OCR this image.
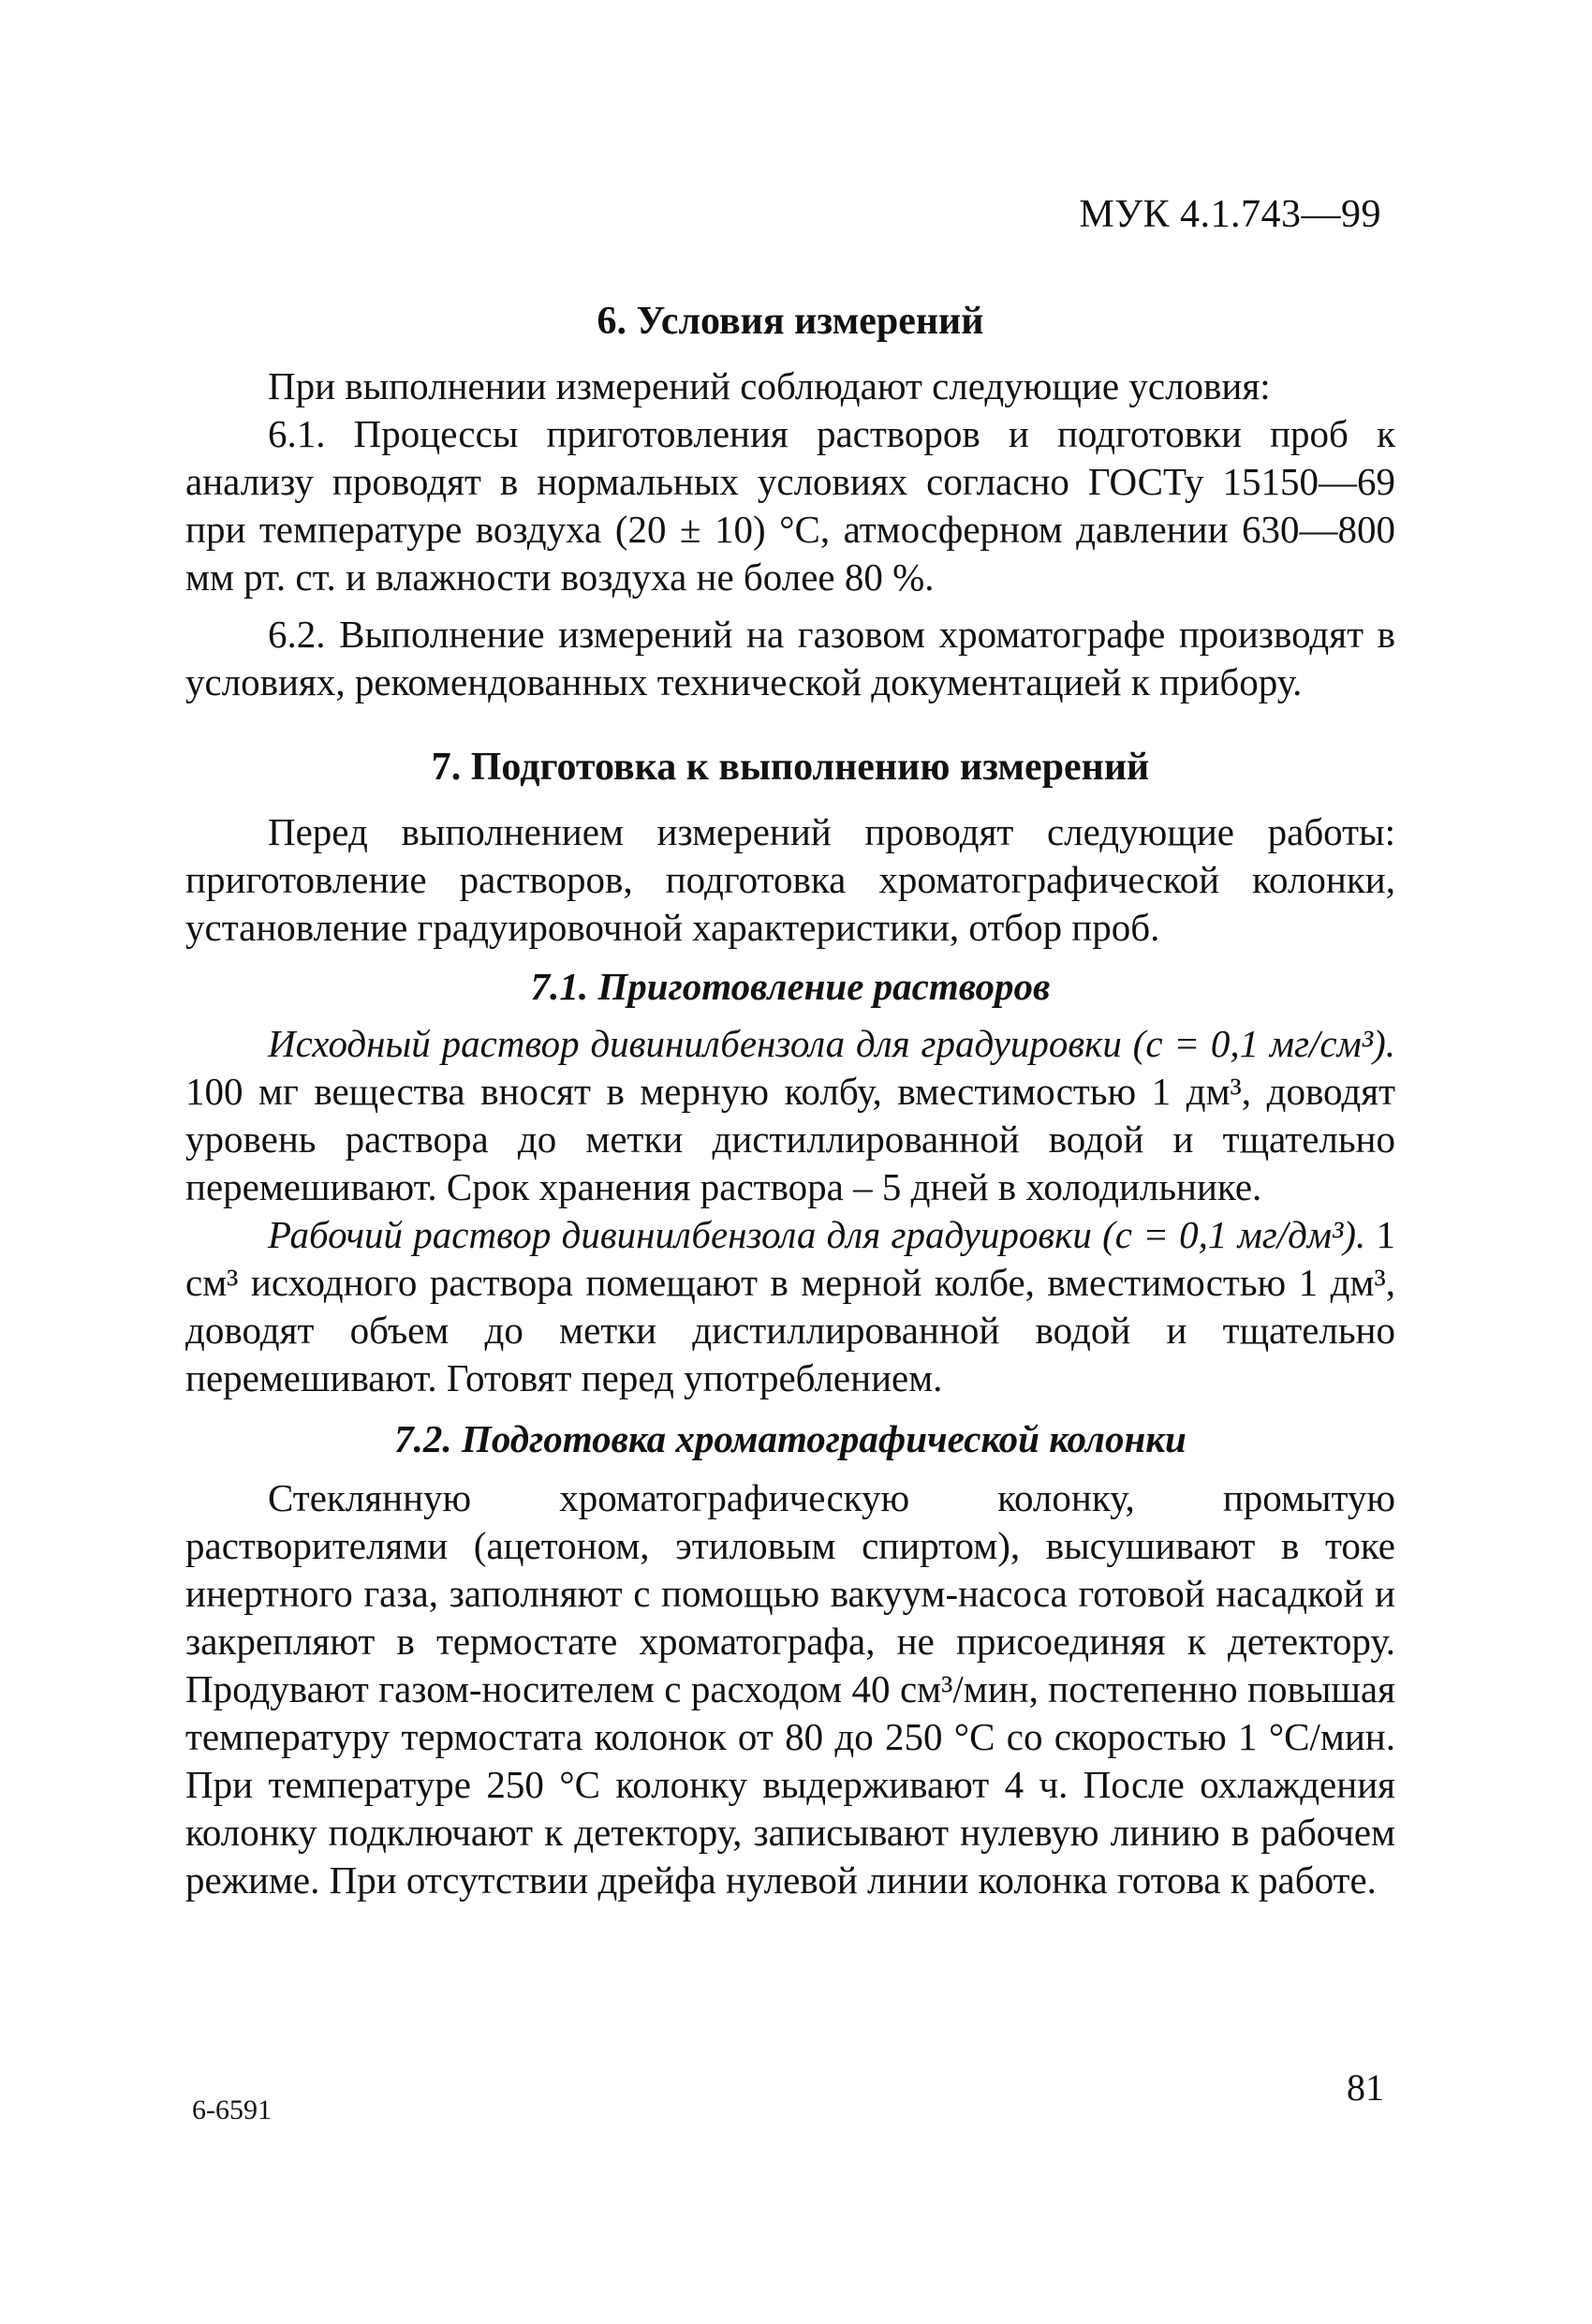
МУК 4.1.743—99
6. Условия измерений

При выполнении измерений соблюдают следующие условия:

6.1. Процессы приготовления растворов и подготовки проб к анализу проводят в нормальных условиях согласно ГОСТу 15150—69 при температуре воздуха (20 ± 10) °С, атмосферном давлении 630—800 мм рт. ст. и влажности воздуха не более 80 %.

6.2. Выполнение измерений на газовом хроматографе производят в условиях, рекомендованных технической документацией к прибору.

7. Подготовка к выполнению измерений

Перед выполнением измерений проводят следующие работы: приготовление растворов, подготовка хроматографической колонки, установление градуировочной характеристики, отбор проб.

7.1. Приготовление растворов

Исходный раствор дивинилбензола для градуировки (с = 0,1 мг/см³). 100 мг вещества вносят в мерную колбу, вместимостью 1 дм³, доводят уровень раствора до метки дистиллированной водой и тщательно перемешивают. Срок хранения раствора – 5 дней в холодильнике.

Рабочий раствор дивинилбензола для градуировки (с = 0,1 мг/дм³). 1 см³ исходного раствора помещают в мерной колбе, вместимостью 1 дм³, доводят объем до метки дистиллированной водой и тщательно перемешивают. Готовят перед употреблением.

7.2. Подготовка хроматографической колонки

Стеклянную хроматографическую колонку, промытую растворителями (ацетоном, этиловым спиртом), высушивают в токе инертного газа, заполняют с помощью вакуум-насоса готовой насадкой и закрепляют в термостате хроматографа, не присоединяя к детектору. Продувают газом-носителем с расходом 40 см³/мин, постепенно повышая температуру термостата колонок от 80 до 250 °С со скоростью 1 °С/мин. При температуре 250 °С колонку выдерживают 4 ч. После охлаждения колонку подключают к детектору, записывают нулевую линию в рабочем режиме. При отсутствии дрейфа нулевой линии колонка готова к работе.

6-6591
81
